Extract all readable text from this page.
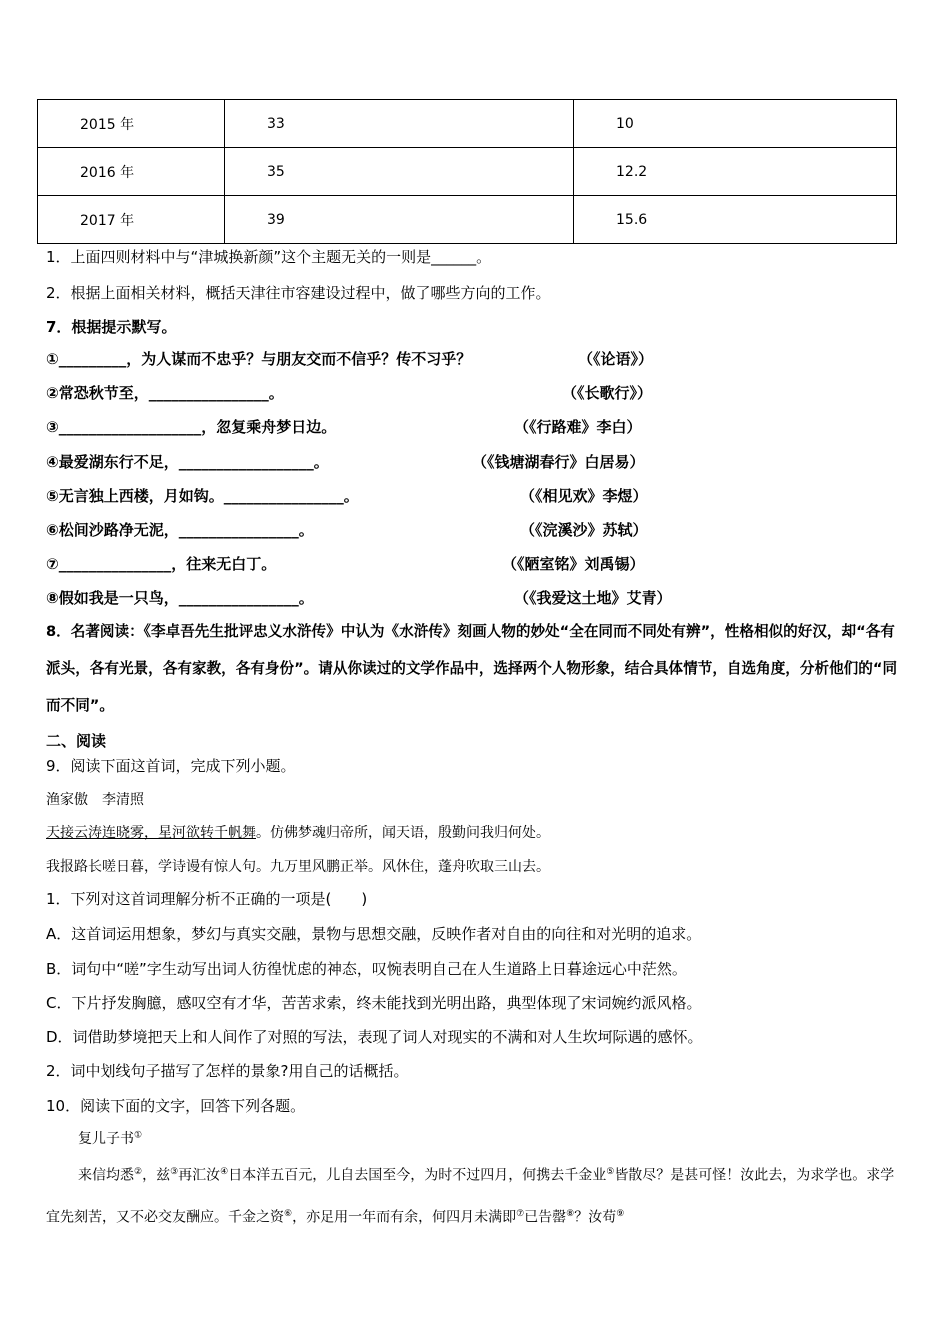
2015 年	33	10
2016 年	35	12.2
2017 年	39	15.6
1．上面四则材料中与“津城换新颜”这个主题无关的一则是______。
2．根据上面相关材料，概括天津往市容建设过程中，做了哪些方向的工作。
7．根据提示默写。
①_________，为人谋而不忠乎？与朋友交而不信乎？传不习乎？	（《论语》）
②常恐秋节至，________________。	（《长歌行》）
③___________________，忽复乘舟梦日边。	（《行路难》李白）
④最爱湖东行不足，__________________。	（《钱塘湖春行》白居易）
⑤无言独上西楼，月如钩。________________。	（《相见欢》李煜）
⑥松间沙路净无泥，________________。	（《浣溪沙》苏轼）
⑦_______________，往来无白丁。	（《陋室铭》刘禹锡）
⑧假如我是一只鸟，________________。	（《我爱这土地》艾青）
8．名著阅读：《李卓吾先生批评忠义水浒传》中认为《水浒传》刻画人物的妙处“全在同而不同处有辨”，性格相似的好汉，却“各有派头，各有光景，各有家教，各有身份”。请从你读过的文学作品中，选择两个人物形象，结合具体情节，自选角度，分析他们的“同而不同”。
二、阅读
9．阅读下面这首词，完成下列小题。
渔家傲　李清照
天接云涛连晓雾，星河欲转千帆舞。仿佛梦魂归帝所，闻天语，殷勤问我归何处。
我报路长嗟日暮，学诗谩有惊人句。九万里风鹏正举。风休住，蓬舟吹取三山去。
1．下列对这首词理解分析不正确的一项是(　　)
A．这首词运用想象，梦幻与真实交融，景物与思想交融，反映作者对自由的向往和对光明的追求。
B．词句中“嗟”字生动写出词人彷徨忧虑的神态，叹惋表明自己在人生道路上日暮途远心中茫然。
C．下片抒发胸臆，感叹空有才华，苦苦求索，终未能找到光明出路，典型体现了宋词婉约派风格。
D．词借助梦境把天上和人间作了对照的写法，表现了词人对现实的不满和对人生坎坷际遇的感怀。
2．词中划线句子描写了怎样的景象?用自己的话概括。
10．阅读下面的文字，回答下列各题。
复儿子书①
来信均悉②，兹③再汇汝④日本洋五百元，儿自去国至今，为时不过四月，何携去千金业⑤皆散尽？是甚可怪！汝此去，为求学也。求学宜先刻苦，又不必交友酬应。千金之资⑥，亦足用一年而有余，何四月未满即⑦已告罄⑧？汝苟⑨
